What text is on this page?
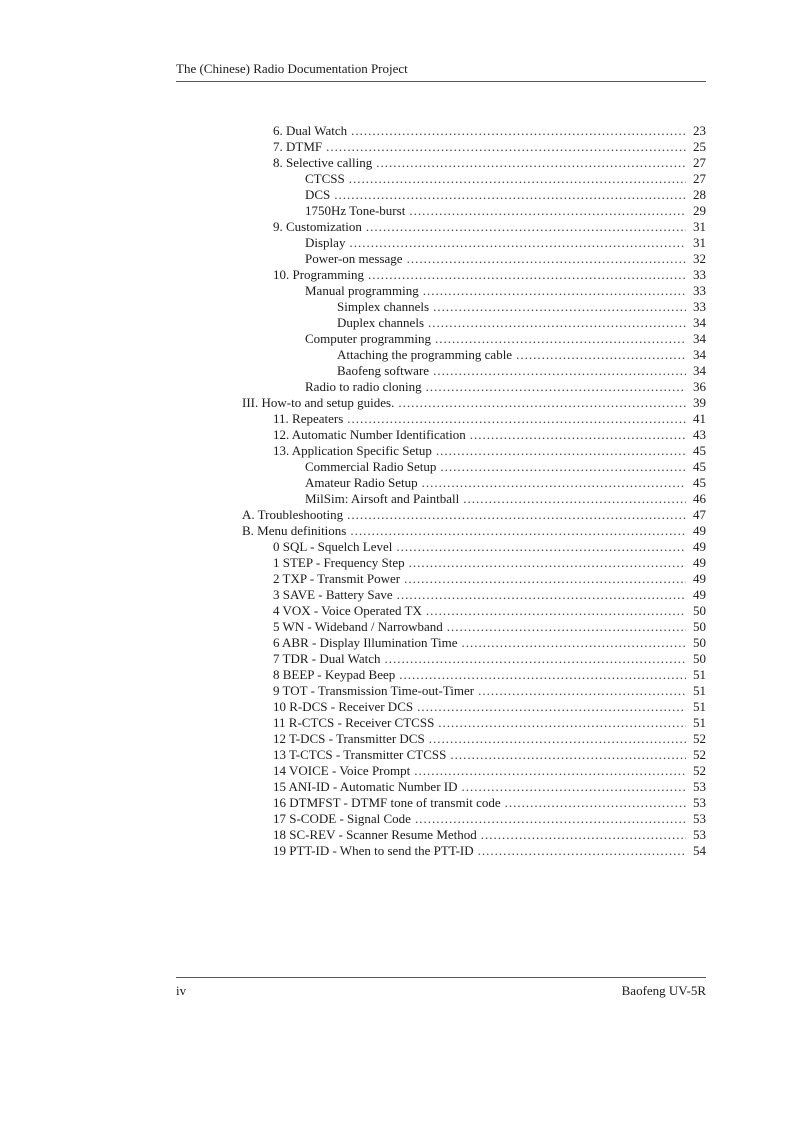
The (Chinese) Radio Documentation Project
6. Dual Watch .....	23
7. DTMF .....	25
8. Selective calling .....	27
CTCSS .....	27
DCS .....	28
1750Hz Tone-burst .....	29
9. Customization .....	31
Display .....	31
Power-on message .....	32
10. Programming .....	33
Manual programming .....	33
Simplex channels .....	33
Duplex channels .....	34
Computer programming .....	34
Attaching the programming cable .....	34
Baofeng software .....	34
Radio to radio cloning .....	36
III. How-to and setup guides. .....	39
11. Repeaters .....	41
12. Automatic Number Identification .....	43
13. Application Specific Setup .....	45
Commercial Radio Setup .....	45
Amateur Radio Setup .....	45
MilSim: Airsoft and Paintball .....	46
A. Troubleshooting .....	47
B. Menu definitions .....	49
0 SQL - Squelch Level .....	49
1 STEP - Frequency Step .....	49
2 TXP - Transmit Power .....	49
3 SAVE - Battery Save .....	49
4 VOX - Voice Operated TX .....	50
5 WN - Wideband / Narrowband .....	50
6 ABR - Display Illumination Time .....	50
7 TDR - Dual Watch .....	50
8 BEEP - Keypad Beep .....	51
9 TOT - Transmission Time-out-Timer .....	51
10 R-DCS - Receiver DCS .....	51
11 R-CTCS - Receiver CTCSS .....	51
12 T-DCS - Transmitter DCS .....	52
13 T-CTCS - Transmitter CTCSS .....	52
14 VOICE - Voice Prompt .....	52
15 ANI-ID - Automatic Number ID .....	53
16 DTMFST - DTMF tone of transmit code .....	53
17 S-CODE - Signal Code .....	53
18 SC-REV - Scanner Resume Method .....	53
19 PTT-ID - When to send the PTT-ID .....	54
iv	Baofeng UV-5R
